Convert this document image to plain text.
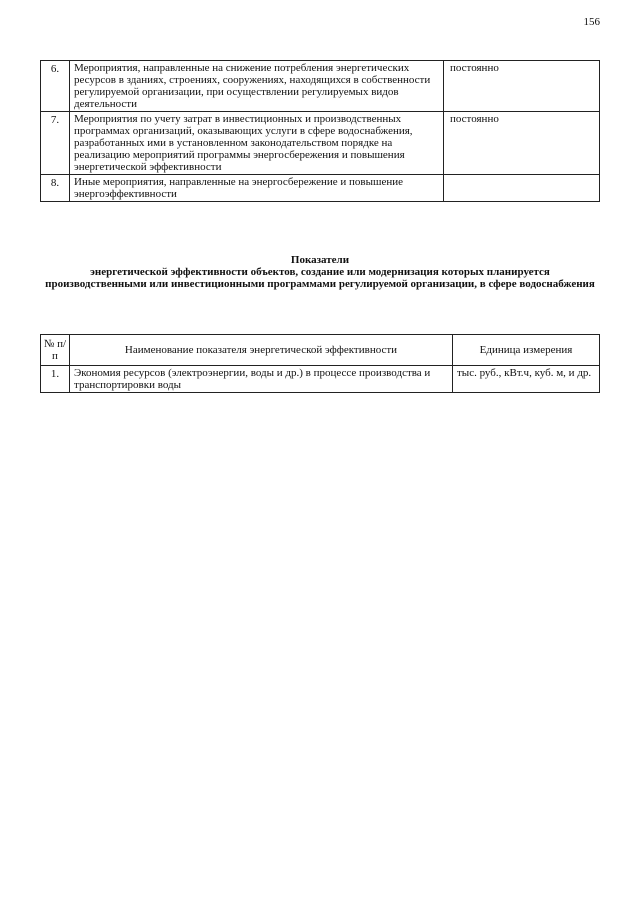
156
6.	Мероприятия, направленные на снижение потребления энергетических ресурсов в зданиях, строениях, сооружениях, находящихся в собственности регулируемой организации, при осуществлении регулируемых видов деятельности	постоянно
7.	Мероприятия по учету затрат в инвестиционных и производственных программах организаций, оказывающих услуги в сфере водоснабжения, разработанных ими в установленном законодательством порядке на реализацию мероприятий программы энергосбережения и повышения энергетической эффективности	постоянно
8.	Иные мероприятия, направленные на энергосбережение и повышение энергоэффективности	
Показатели
энергетической эффективности объектов, создание или модернизация которых планируется производственными или инвестиционными программами регулируемой организации, в сфере водоснабжения
№ п/п	Наименование показателя энергетической эффективности	Единица измерения
1.	Экономия ресурсов (электроэнергии, воды и др.) в процессе производства и транспортировки воды	тыс. руб., кВт.ч, куб. м, и др.
